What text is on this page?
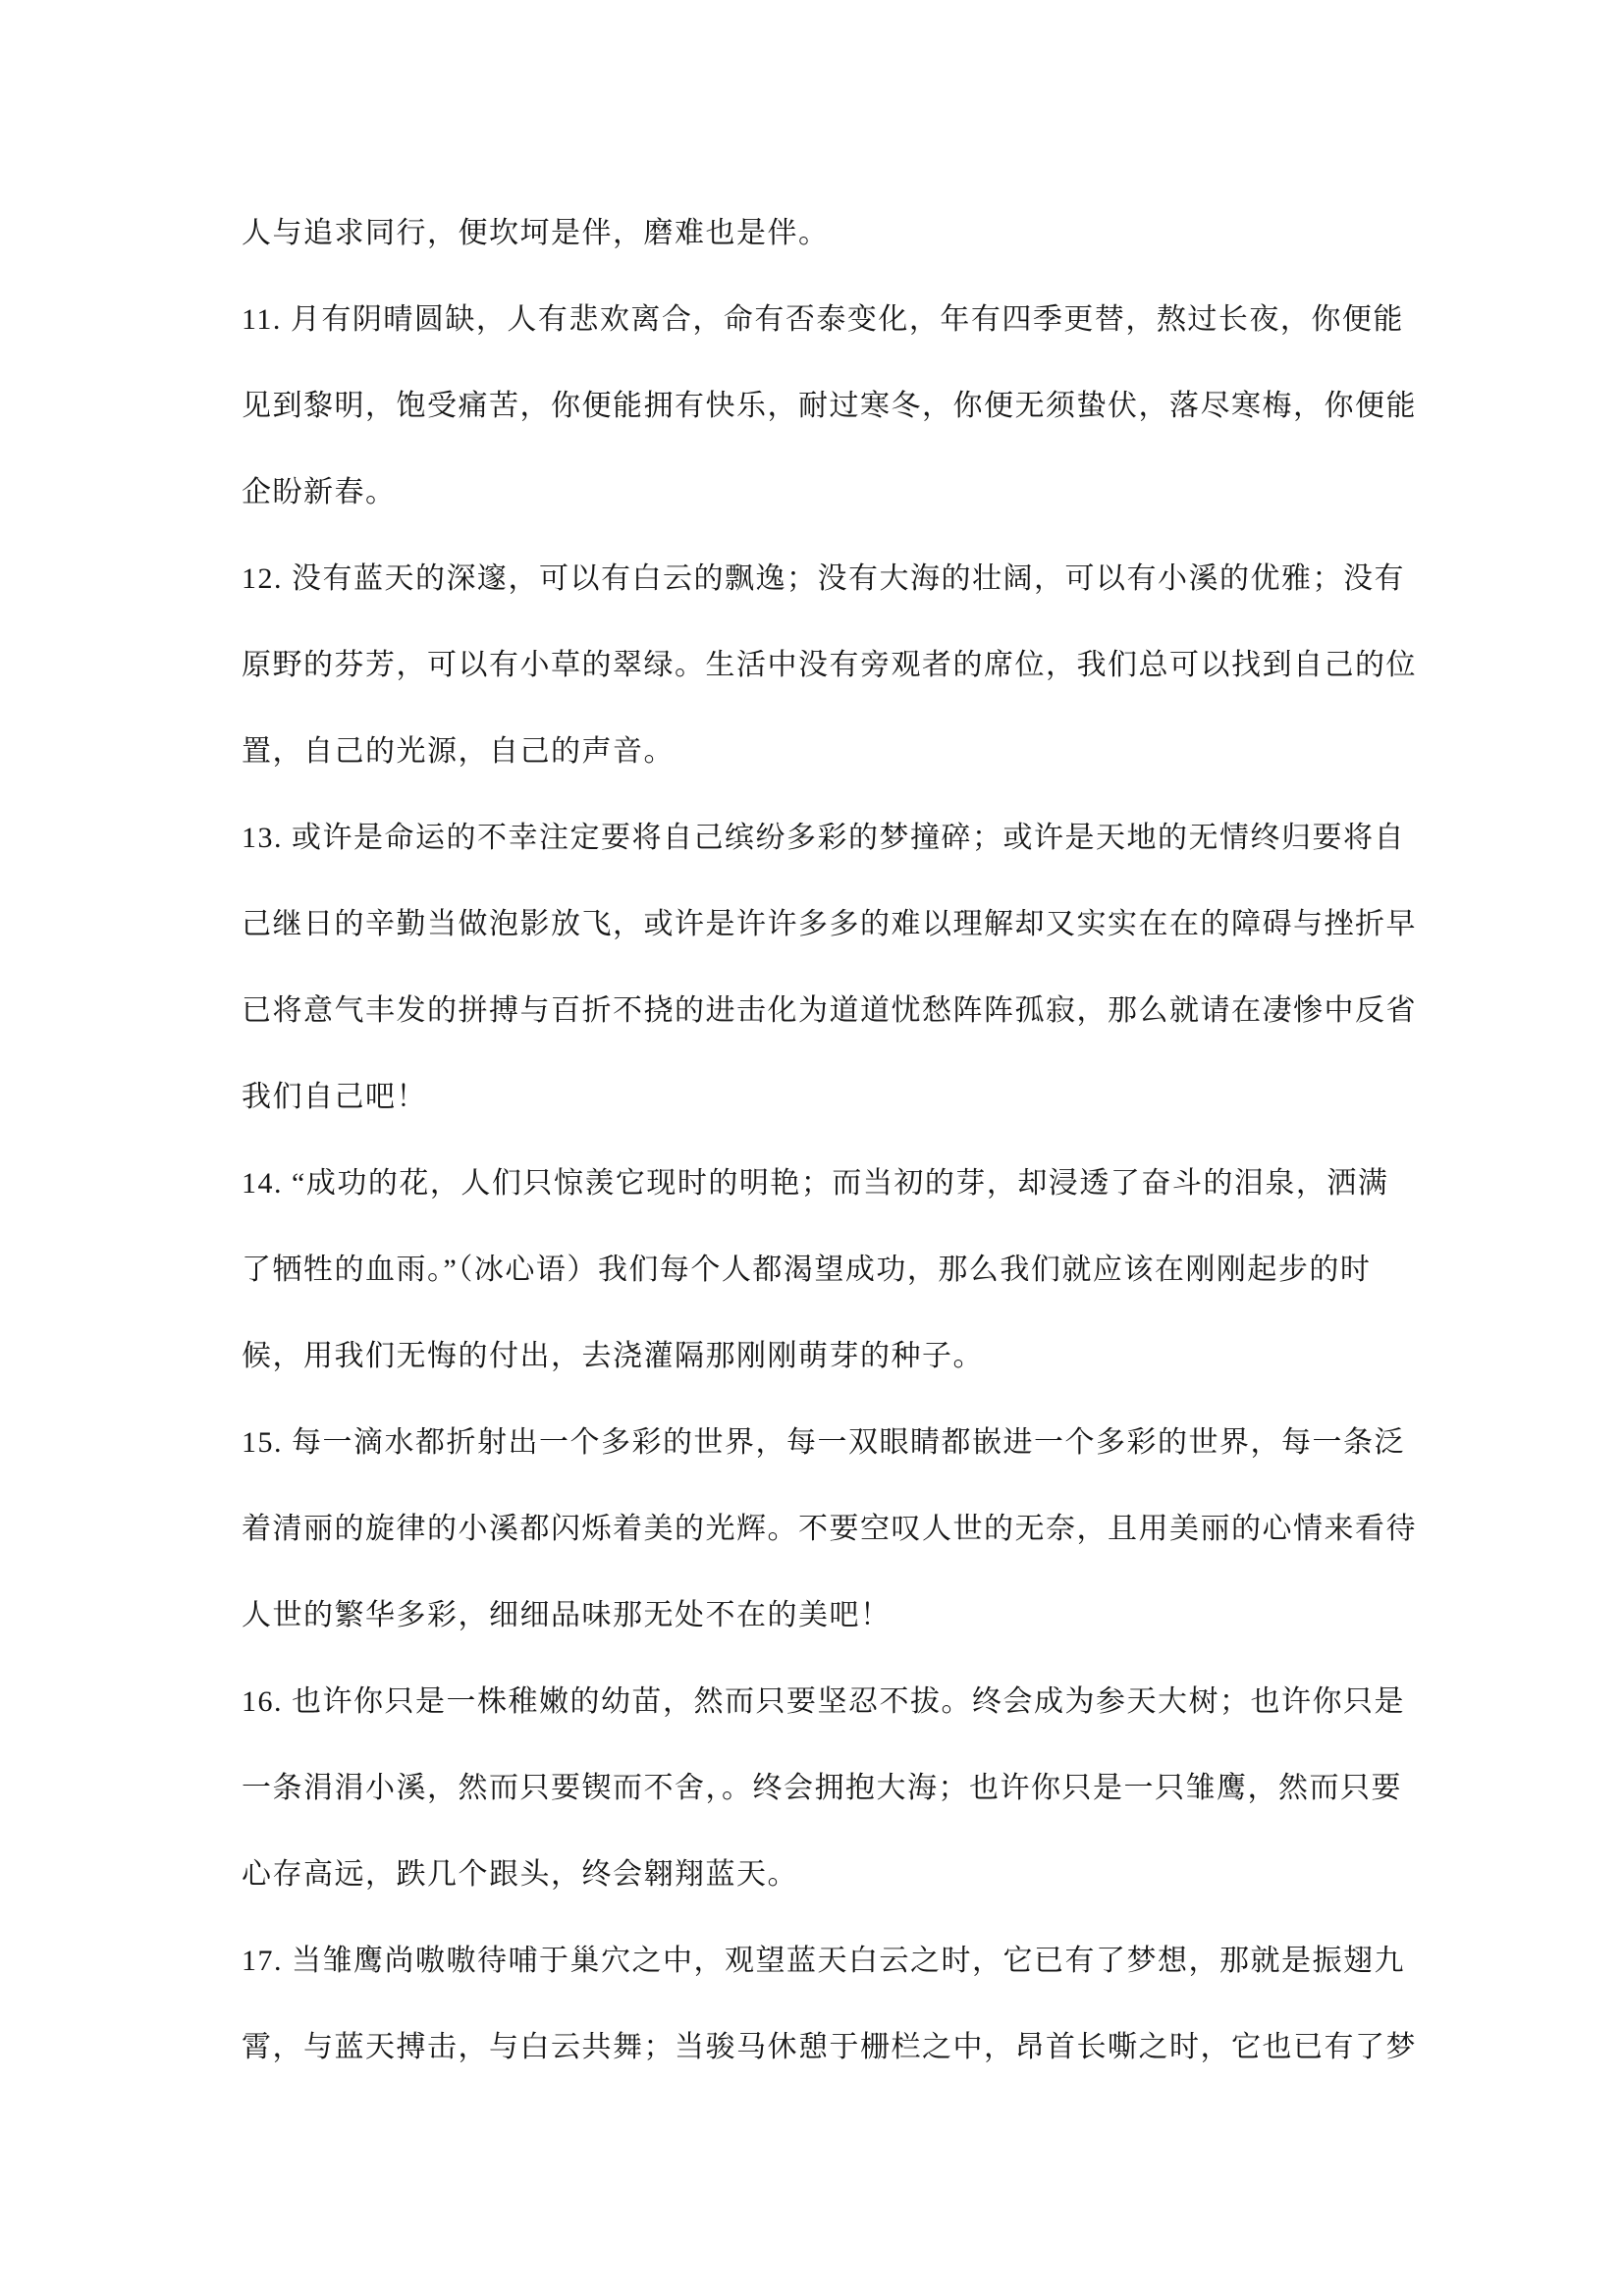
人与追求同行，便坎坷是伴，磨难也是伴。
11. 月有阴晴圆缺，人有悲欢离合，命有否泰变化，年有四季更替，熬过长夜，你便能
见到黎明，饱受痛苦，你便能拥有快乐，耐过寒冬，你便无须蛰伏，落尽寒梅，你便能
企盼新春。
12. 没有蓝天的深邃，可以有白云的飘逸；没有大海的壮阔，可以有小溪的优雅；没有
原野的芬芳，可以有小草的翠绿。生活中没有旁观者的席位，我们总可以找到自己的位
置，自己的光源，自己的声音。
13. 或许是命运的不幸注定要将自己缤纷多彩的梦撞碎；或许是天地的无情终归要将自
己继日的辛勤当做泡影放飞，或许是许许多多的难以理解却又实实在在的障碍与挫折早
已将意气丰发的拼搏与百折不挠的进击化为道道忧愁阵阵孤寂，那么就请在凄惨中反省
我们自己吧！
14. “成功的花，人们只惊羡它现时的明艳；而当初的芽，却浸透了奋斗的泪泉，洒满
了牺牲的血雨。”（冰心语）我们每个人都渴望成功，那么我们就应该在刚刚起步的时
候，用我们无悔的付出，去浇灌隔那刚刚萌芽的种子。
15. 每一滴水都折射出一个多彩的世界，每一双眼睛都嵌进一个多彩的世界，每一条泛
着清丽的旋律的小溪都闪烁着美的光辉。不要空叹人世的无奈，且用美丽的心情来看待
人世的繁华多彩，细细品味那无处不在的美吧！
16. 也许你只是一株稚嫩的幼苗，然而只要坚忍不拔。终会成为参天大树；也许你只是
一条涓涓小溪，然而只要锲而不舍，。终会拥抱大海；也许你只是一只雏鹰，然而只要
心存高远，跌几个跟头，终会翱翔蓝天。
17. 当雏鹰尚嗷嗷待哺于巢穴之中，观望蓝天白云之时，它已有了梦想，那就是振翅九
霄，与蓝天搏击，与白云共舞；当骏马休憩于栅栏之中，昂首长嘶之时，它也已有了梦
